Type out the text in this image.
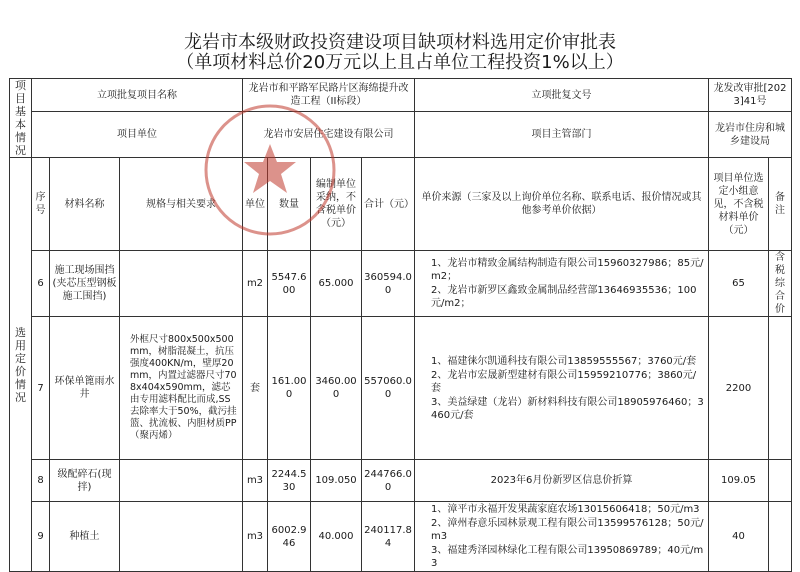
龙岩市本级财政投资建设项目缺项材料选用定价审批表
（单项材料总价20万元以上且占单位工程投资1%以上）
项目基本情况	立项批复项目名称			龙岩市和平路军民路片区海绵提升改造工程（II标段）				立项批复文号	龙发改审批[2023]41号	
	项目单位			龙岩市安居住宅建设有限公司				项目主管部门	龙岩市住房和城乡建设局	
选用定价情况	序号	材料名称	规格与相关要求	单位	数量	编制单位采纳，不含税单价（元）	合计（元）	单价来源（三家及以上询价单位名称、联系电话、报价情况或其他参考单价依据）	项目单位选定小组意见，不含税材料单价（元）	备注
	6	施工现场围挡(夹芯压型钢板施工围挡)		m2	5547.600	65.000	360594.00	1、龙岩市精致金属结构制造有限公司15960327986；85元/m2；
2、龙岩市新罗区鑫致金属制品经营部13646935536；100元/m2；	65	含税综合价
	7	环保单篦雨水井	外框尺寸800x500x500mm，树脂混凝土，抗压强度400KN/m，壁厚20mm，内置过滤器尺寸708x404x590mm，滤芯由专用滤料配比而成,SS去除率大于50%，截污挂篮、扰流板、内胆材质PP（聚丙烯）	套	161.000	3460.000	557060.00	1、福建徕尔凯通科技有限公司13859555567；3760元/套
2、龙岩市宏晟新型建材有限公司15959210776；3860元/套
3、美益绿建（龙岩）新材料科技有限公司18905976460；3460元/套	2200	
	8	级配碎石(现拌)		m3	2244.530	109.050	244766.00	2023年6月份新罗区信息价折算	109.05	
	9	种植土		m3	6002.946	40.000	240117.84	1、漳平市永福开发果蔬家庭农场13015606418；50元/m3
2、漳州春意乐园林景观工程有限公司13599576128；50元/m3
3、福建秀泽园林绿化工程有限公司13950869789；40元/m3	40	
